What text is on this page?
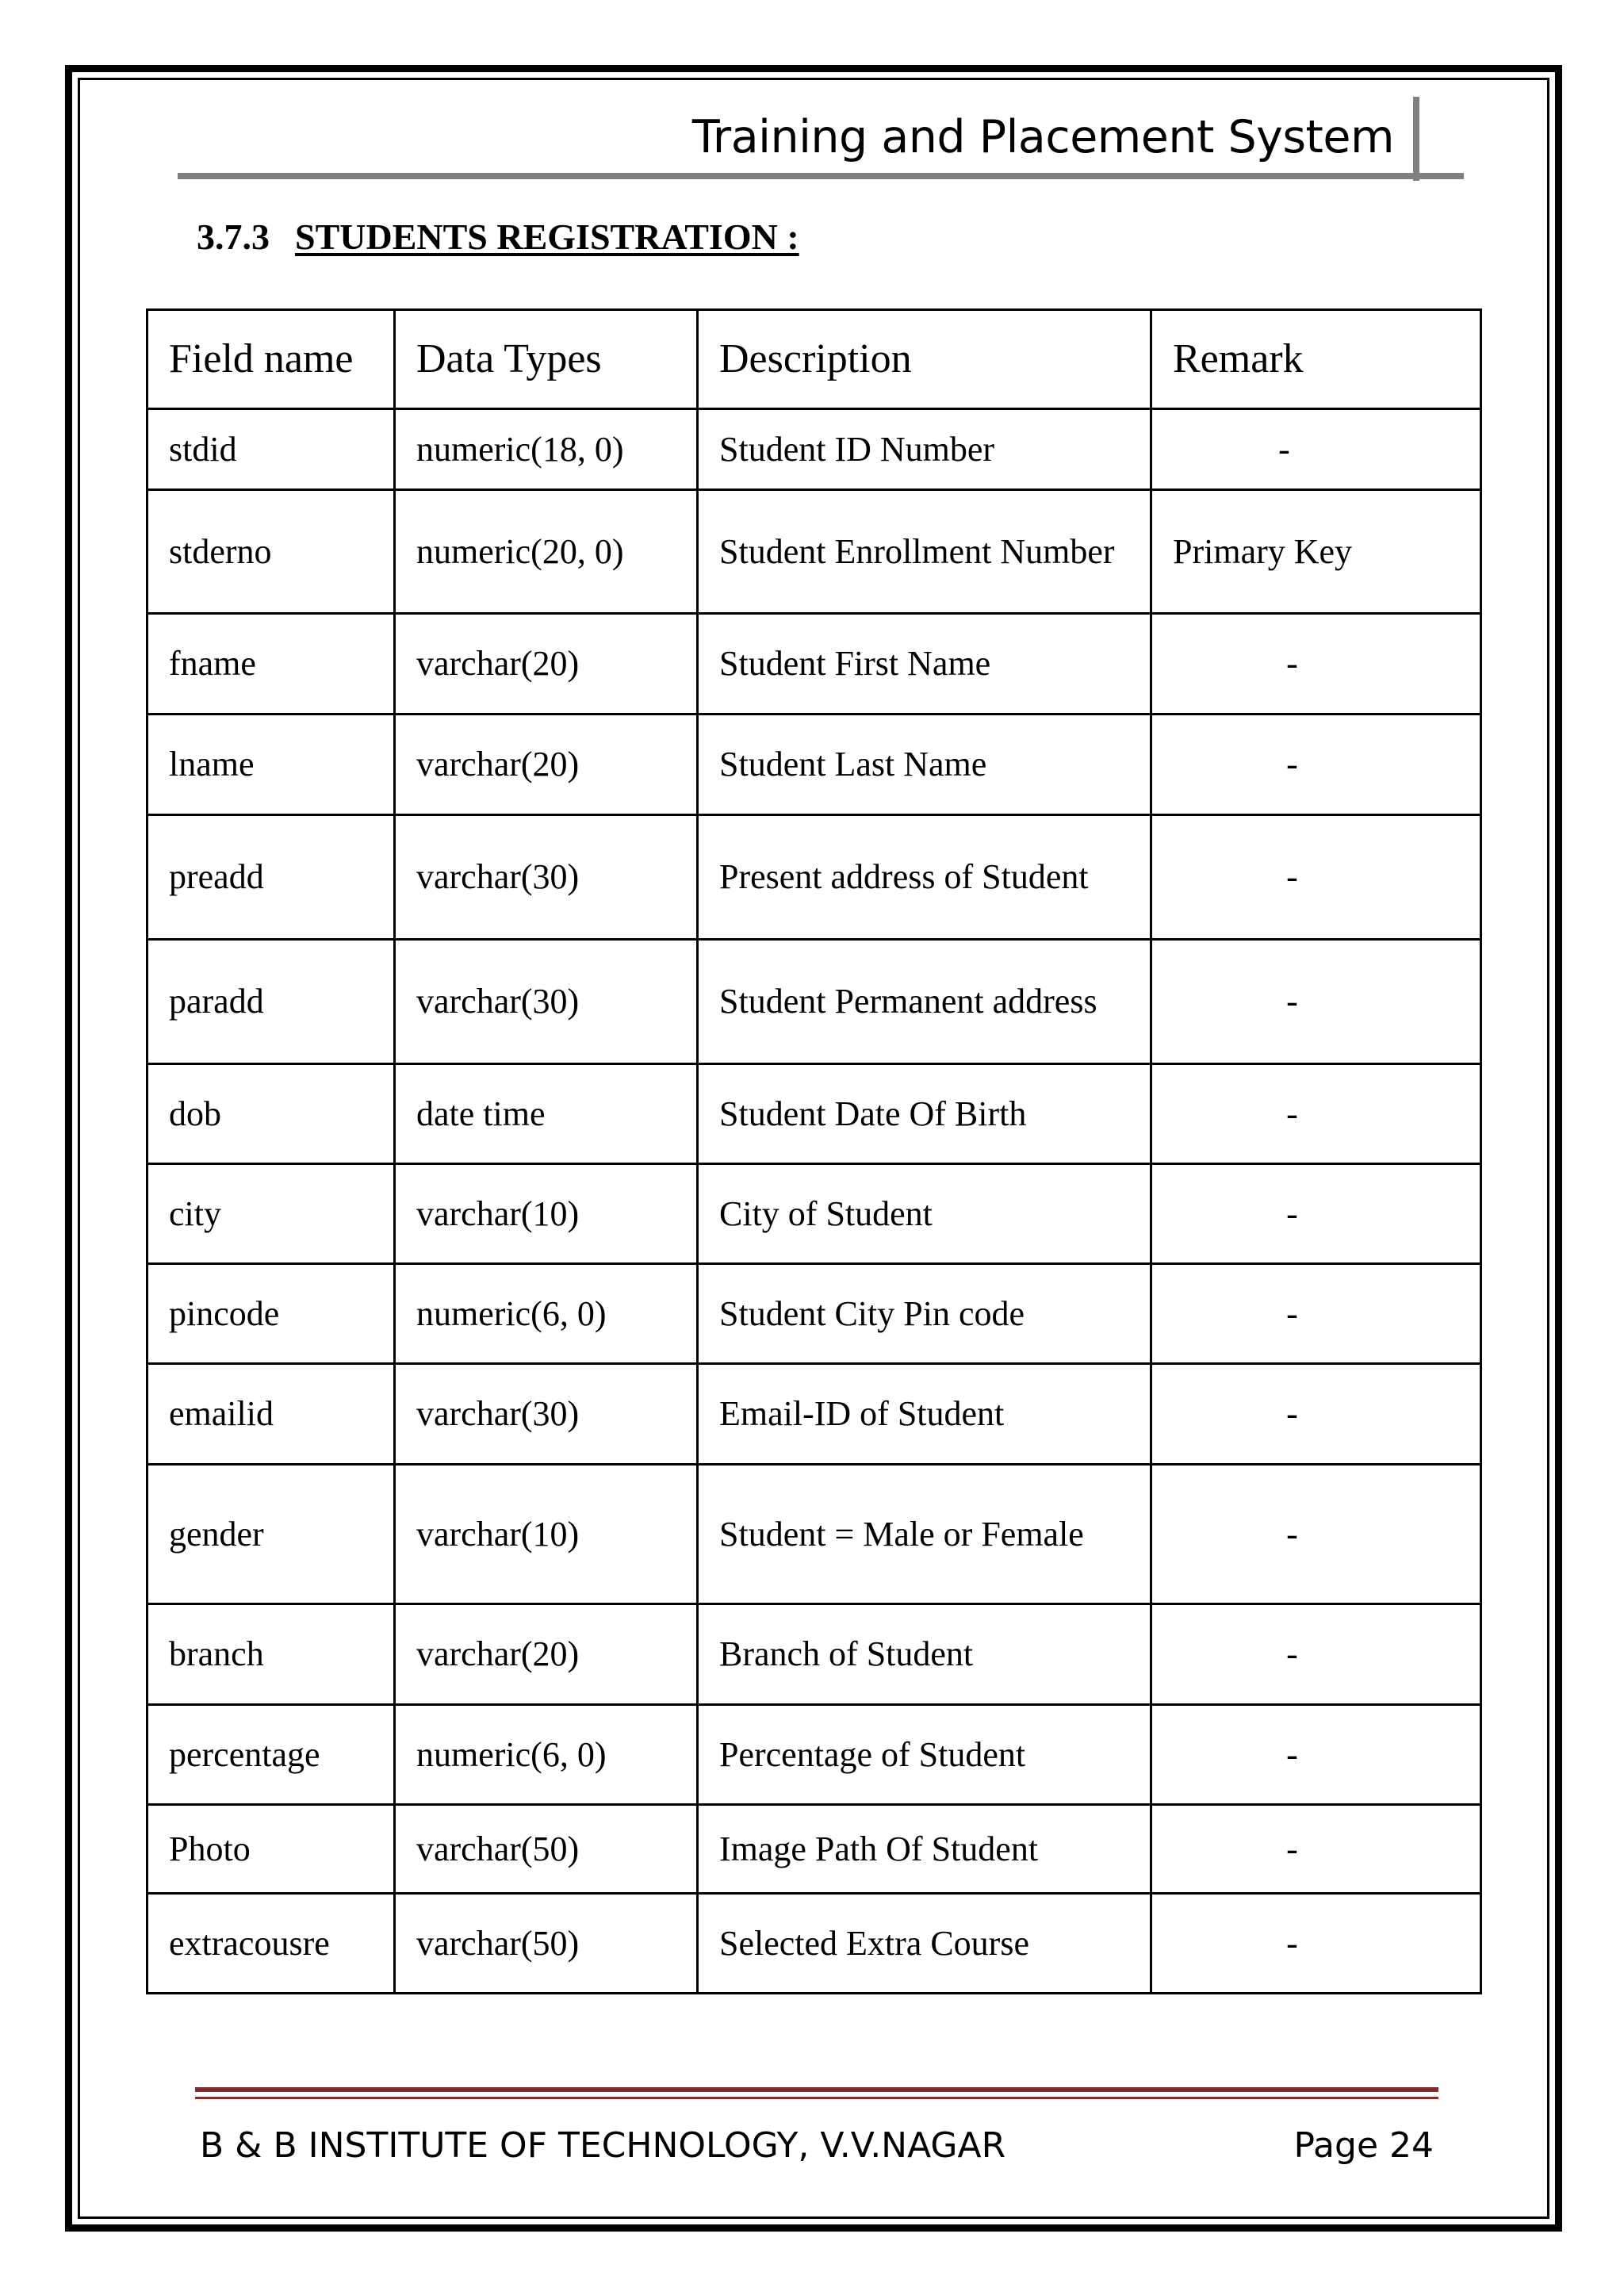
Training and Placement System
3.7.3 STUDENTS REGISTRATION :
Field name	Data Types	Description	Remark
stdid	numeric(18, 0)	Student ID Number	-
stderno	numeric(20, 0)	Student Enrollment Number	Primary Key
fname	varchar(20)	Student First Name	-
lname	varchar(20)	Student Last Name	-
preadd	varchar(30)	Present address of Student	-
paradd	varchar(30)	Student Permanent address	-
dob	date time	Student Date Of Birth	-
city	varchar(10)	City of Student	-
pincode	numeric(6, 0)	Student City Pin code	-
emailid	varchar(30)	Email-ID of Student	-
gender	varchar(10)	Student = Male or Female	-
branch	varchar(20)	Branch of Student	-
percentage	numeric(6, 0)	Percentage of Student	-
Photo	varchar(50)	Image Path Of Student	-
extracousre	varchar(50)	Selected Extra Course	-
B & B INSTITUTE OF TECHNOLOGY, V.V.NAGAR	Page 24
